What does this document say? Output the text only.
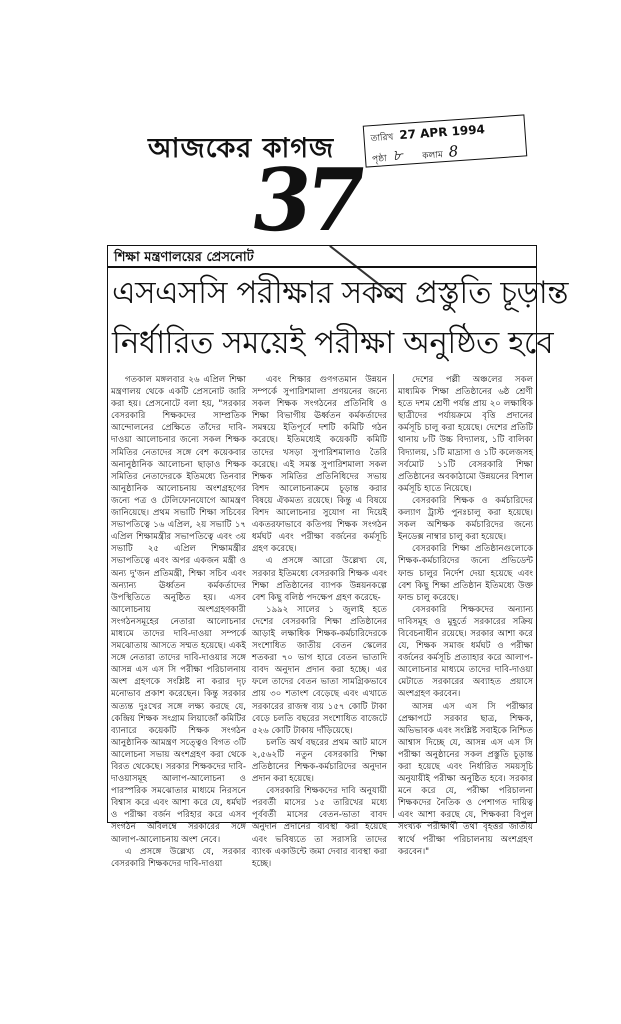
আজকের কাগজ	তারিখ 27 APR 1994
পৃষ্ঠা ৮ কলাম 8
37
শিক্ষা মন্ত্রণালয়ের প্রেসনোট
এসএসসি পরীক্ষার সকল প্রস্তুতি চূড়ান্ত
নির্ধারিত সময়েই পরীক্ষা অনুষ্ঠিত হবে

গতকাল মঙ্গলবার ২৬ এপ্রিল শিক্ষা মন্ত্রণালয় থেকে একটি প্রেসনোট জারি করা হয়। প্রেসনোটে বলা হয়, "সরকার বেসরকারি শিক্ষকদের সাম্প্রতিক আন্দোলনের প্রেক্ষিতে তাঁদের দাবি-দাওয়া আলোচনার জন্যে সকল শিক্ষক সমিতির নেতাদের সঙ্গে বেশ কয়েকবার অনানুষ্ঠানিক আলোচনা ছাড়াও শিক্ষক সমিতির নেতাদেরকে ইতিমধ্যে তিনবার আনুষ্ঠানিক আলোচনায় অংশগ্রহণের জন্যে পত্র ও টেলিফোনযোগে আমন্ত্রণ জানিয়েছে। প্রথম সভাটি শিক্ষা সচিবের সভাপতিত্বে ১৬ এপ্রিল, ২য় সভাটি ১৭ এপ্রিল শিক্ষামন্ত্রীর সভাপতিত্বে এবং ৩য় সভাটি ২৫ এপ্রিল শিক্ষামন্ত্রীর সভাপতিত্বে এবং অপর একজন মন্ত্রী ও অন্য দু'জন প্রতিমন্ত্রী, শিক্ষা সচিব এবং অন্যান্য ঊর্ধ্বতন কর্মকর্তাদের উপস্থিতিতে অনুষ্ঠিত হয়। এসব আলোচনায় অংশগ্রহণকারী সংগঠনসমূহের নেতারা আলোচনার মাধ্যমে তাদের দাবি-দাওয়া সম্পর্কে সমঝোতায় আসতে সম্মত হয়েছে। একই সঙ্গে নেতারা তাদের দাবি-দাওয়ার সঙ্গে আসন্ন এস এস সি পরীক্ষা পরিচালনায় অংশ গ্রহণকে সংশ্লিষ্ট না করার দৃঢ় মনোভাব প্রকাশ করেছেন। কিন্তু সরকার অত্যন্ত দুঃখের সঙ্গে লক্ষ্য করছে যে, কেন্দ্রিয় শিক্ষক সংগ্রাম লিয়াজোঁ কমিটির ব্যানারে কয়েকটি শিক্ষক সংগঠন আনুষ্ঠানিক আমন্ত্রণ সত্ত্বেও বিগত ৩টি আলোচনা সভায় অংশগ্রহণ করা থেকে বিরত থেকেছে। সরকার শিক্ষকদের দাবি-দাওয়াসমূহ আলাপ-আলোচনা ও পারস্পরিক সমঝোতার মাধ্যমে নিরসনে বিশ্বাস করে এবং আশা করে যে, ধর্মঘট ও পরীক্ষা বর্জন পরিহার করে এসব সংগঠন অবিলম্বে সরকারের সঙ্গে আলাপ-আলোচনায় অংশ নেবে।

এ প্রসঙ্গে উল্লেখ্য যে, সরকার বেসরকারি শিক্ষকদের দাবি-দাওয়া

এবং শিক্ষার গুণগতমান উন্নয়ন সম্পর্কে সুপারিশমালা প্রণয়নের জন্যে সকল শিক্ষক সংগঠনের প্রতিনিধি ও শিক্ষা বিভাগীয় ঊর্ধ্বতন কর্মকর্তাদের সমন্বয়ে ইতিপূর্বে দশটি কমিটি গঠন করেছে। ইতিমধ্যেই কয়েকটি কমিটি তাদের খসড়া সুপারিশমালাও তৈরি করেছে। এই সমস্ত সুপারিশমালা সকল শিক্ষক সমিতির প্রতিনিধিদের সভায় বিশদ আলোচনাক্রমে চূড়ান্ত করার বিষয়ে ঐকমত্য রয়েছে। কিন্তু এ বিষয়ে বিশদ আলোচনার সুযোগ না দিয়েই একতরফাভাবে কতিপয় শিক্ষক সংগঠন ধর্মঘট এবং পরীক্ষা বর্জনের কর্মসূচি গ্রহণ করেছে।

এ প্রসঙ্গে আরো উল্লেখ্য যে, সরকার ইতিমধ্যে বেসরকারি শিক্ষক এবং শিক্ষা প্রতিষ্ঠানের ব্যাপক উন্নয়নকল্পে বেশ কিছু বলিষ্ঠ পদক্ষেপ গ্রহণ করেছে-

১৯৯২ সালের ১ জুলাই হতে দেশের বেসরকারি শিক্ষা প্রতিষ্ঠানের আড়াই লক্ষাধিক শিক্ষক-কর্মচারিদেরকে সংশোধিত জাতীয় বেতন স্কেলের শতকরা ৭০ ভাগ হারে বেতন ভাতাদি বাবদ অনুদান প্রদান করা হচ্ছে। এর ফলে তাদের বেতন ভাতা সামগ্রিকভাবে প্রায় ৩০ শতাংশ বেড়েছে এবং এখাতে সরকারের রাজস্ব ব্যয় ১৫৭ কোটি টাকা বেড়ে চলতি বছরের সংশোধিত বাজেটে ৫২৬ কোটি টাকায় দাঁড়িয়েছে।

চলতি অর্থ বছরের প্রথম আট মাসে ২,৫৬২টি নতুন বেসরকারি শিক্ষা প্রতিষ্ঠানের শিক্ষক-কর্মচারিদের অনুদান প্রদান করা হয়েছে।

বেসরকারি শিক্ষকদের দাবি অনুযায়ী পরবর্তী মাসের ১৫ তারিখের মধ্যে পূর্ববর্তী মাসের বেতন-ভাতা বাবদ অনুদান প্রদানের ব্যবস্থা করা হয়েছে এবং ভবিষ্যতে তা সরাসরি তাদের ব্যাংক একাউন্টে জমা দেবার ব্যবস্থা করা হচ্ছে।

দেশের পল্লী অঞ্চলের সকল মাধ্যমিক শিক্ষা প্রতিষ্ঠানের ৬ষ্ঠ শ্রেণী হতে দশম শ্রেণী পর্যন্ত প্রায় ২০ লক্ষাধিক ছাত্রীদের পর্যায়ক্রমে বৃত্তি প্রদানের কর্মসূচি চালু করা হয়েছে। দেশের প্রতিটি থানায় ৮টি উচ্চ বিদ্যালয়, ১টি বালিকা বিদ্যালয়, ১টি মাদ্রাসা ও ১টি কলেজসহ সর্বমোট ১১টি বেসরকারি শিক্ষা প্রতিষ্ঠানের অবকাঠামো উন্নয়নের বিশাল কর্মসূচি হাতে নিয়েছে।

বেসরকারি শিক্ষক ও কর্মচারিদের কল্যাণ ট্রাস্ট পুনঃচালু করা হয়েছে। সকল অশিক্ষক কর্মচারিদের জন্যে ইনডেক্স নাম্বার চালু করা হয়েছে।

বেসরকারি শিক্ষা প্রতিষ্ঠানগুলোকে শিক্ষক-কর্মচারিদের জন্যে প্রভিডেন্ট ফান্ড চালুর নির্দেশ দেয়া হয়েছে এবং বেশ কিছু শিক্ষা প্রতিষ্ঠান ইতিমধ্যে উক্ত ফান্ড চালু করেছে।

বেসরকারি শিক্ষকদের অন্যান্য দাবিসমূহ ও মুহূর্তে সরকারের সক্রিয় বিবেচনাধীন রয়েছে। সরকার আশা করে যে, শিক্ষক সমাজ ধর্মঘট ও পরীক্ষা বর্জনের কর্মসূচি প্রত্যাহার করে আলাপ-আলোচনার মাধ্যমে তাদের দাবি-দাওয়া মেটাতে সরকারের অব্যাহত প্রয়াসে অংশগ্রহণ করবেন।

আসন্ন এস এস সি পরীক্ষার প্রেক্ষাপটে সরকার ছাত্র, শিক্ষক, অভিভাবক এবং সংশ্লিষ্ট সবাইকে নিশ্চিত আশ্বাস দিচ্ছে যে, আসন্ন এস এস সি পরীক্ষা অনুষ্ঠানের সকল প্রস্তুতি চূড়ান্ত করা হয়েছে এবং নির্ধারিত সময়সূচি অনুযায়ীই পরীক্ষা অনুষ্ঠিত হবে। সরকার মনে করে যে, পরীক্ষা পরিচালনা শিক্ষকদের নৈতিক ও পেশাগত দায়িত্ব এবং আশা করছে যে, শিক্ষকরা বিপুল সংখ্যক পরীক্ষার্থী তথা বৃহত্তর জাতীয় স্বার্থে পরীক্ষা পরিচালনায় অংশগ্রহণ করবেন।"
